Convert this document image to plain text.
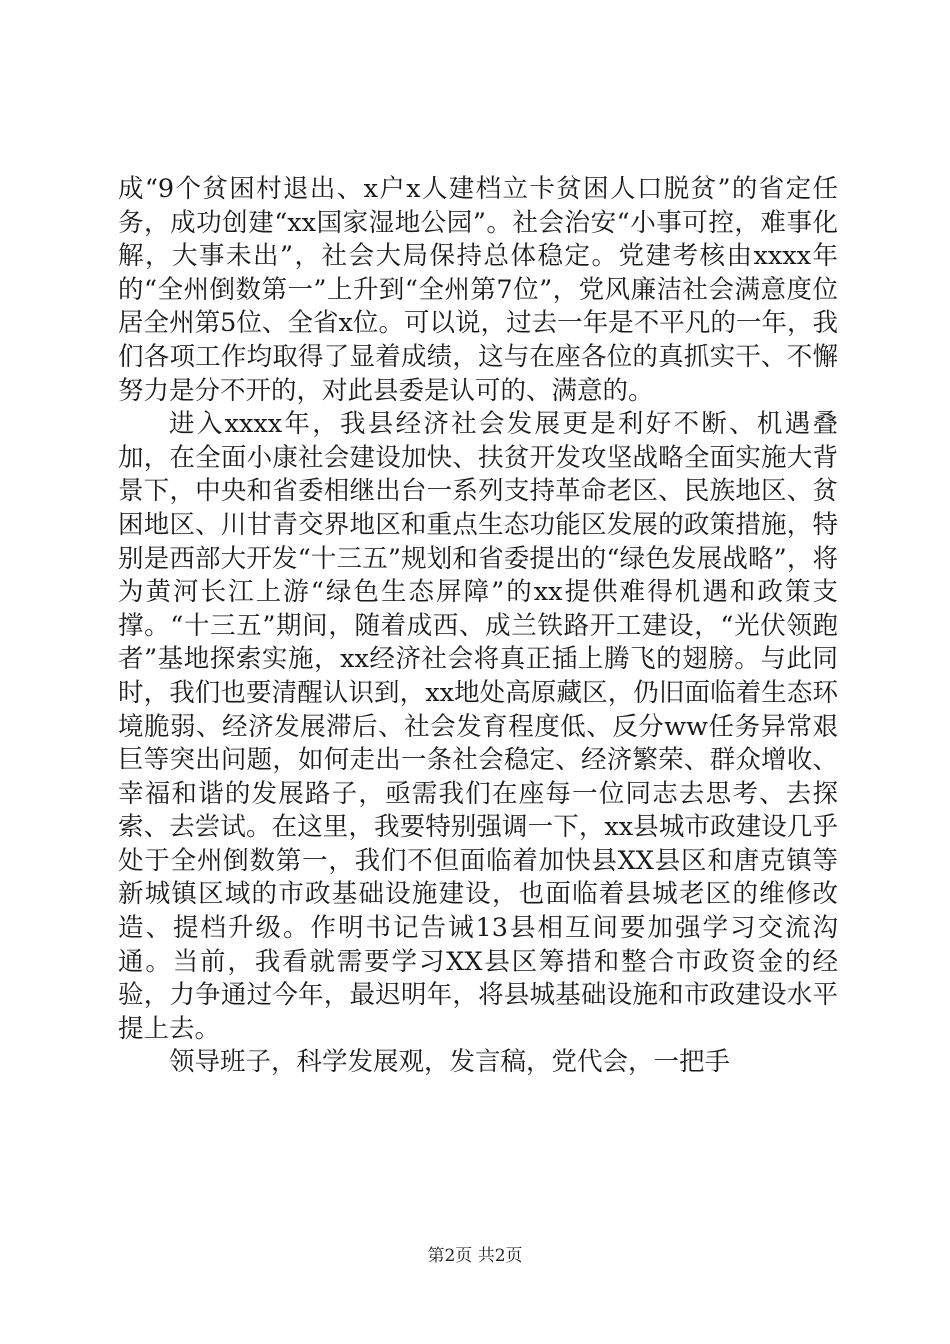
成“9个贫困村退出、x户x人建档立卡贫困人口脱贫”的省定任务，成功创建“xx国家湿地公园”。社会治安“小事可控，难事化解，大事未出”，社会大局保持总体稳定。党建考核由xxxx年的“全州倒数第一”上升到“全州第7位”，党风廉洁社会满意度位居全州第5位、全省x位。可以说，过去一年是不平凡的一年，我们各项工作均取得了显着成绩，这与在座各位的真抓实干、不懈努力是分不开的，对此县委是认可的、满意的。

进入xxxx年，我县经济社会发展更是利好不断、机遇叠加，在全面小康社会建设加快、扶贫开发攻坚战略全面实施大背景下，中央和省委相继出台一系列支持革命老区、民族地区、贫困地区、川甘青交界地区和重点生态功能区发展的政策措施，特别是西部大开发“十三五”规划和省委提出的“绿色发展战略”，将为黄河长江上游“绿色生态屏障”的xx提供难得机遇和政策支撑。“十三五”期间，随着成西、成兰铁路开工建设，“光伏领跑者”基地探索实施，xx经济社会将真正插上腾飞的翅膀。与此同时，我们也要清醒认识到，xx地处高原藏区，仍旧面临着生态环境脆弱、经济发展滞后、社会发育程度低、反分ww任务异常艰巨等突出问题，如何走出一条社会稳定、经济繁荣、群众增收、幸福和谐的发展路子，亟需我们在座每一位同志去思考、去探索、去尝试。在这里，我要特别强调一下，xx县城市政建设几乎处于全州倒数第一，我们不但面临着加快县XX县区和唐克镇等新城镇区域的市政基础设施建设，也面临着县城老区的维修改造、提档升级。作明书记告诫13县相互间要加强学习交流沟通。当前，我看就需要学习XX县区筹措和整合市政资金的经验，力争通过今年，最迟明年，将县城基础设施和市政建设水平提上去。

领导班子，科学发展观，发言稿，党代会，一把手

第2页 共2页
